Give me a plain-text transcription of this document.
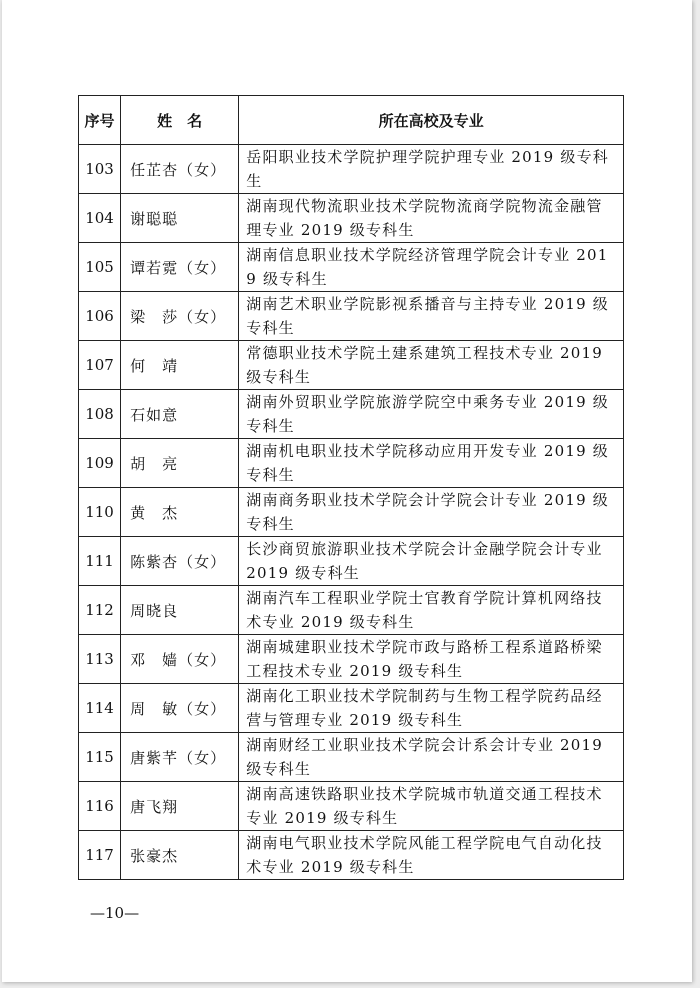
序号	姓　名	所在高校及专业
103	任芷杏（女）	岳阳职业技术学院护理学院护理专业 2019 级专科生
104	谢聪聪	湖南现代物流职业技术学院物流商学院物流金融管理专业 2019 级专科生
105	谭若霓（女）	湖南信息职业技术学院经济管理学院会计专业 2019 级专科生
106	梁　莎（女）	湖南艺术职业学院影视系播音与主持专业 2019 级专科生
107	何　靖	常德职业技术学院土建系建筑工程技术专业 2019 级专科生
108	石如意	湖南外贸职业学院旅游学院空中乘务专业 2019 级专科生
109	胡　亮	湖南机电职业技术学院移动应用开发专业 2019 级专科生
110	黄　杰	湖南商务职业技术学院会计学院会计专业 2019 级专科生
111	陈紫杏（女）	长沙商贸旅游职业技术学院会计金融学院会计专业 2019 级专科生
112	周晓良	湖南汽车工程职业学院士官教育学院计算机网络技术专业 2019 级专科生
113	邓　嫱（女）	湖南城建职业技术学院市政与路桥工程系道路桥梁工程技术专业 2019 级专科生
114	周　敏（女）	湖南化工职业技术学院制药与生物工程学院药品经营与管理专业 2019 级专科生
115	唐紫芊（女）	湖南财经工业职业技术学院会计系会计专业 2019 级专科生
116	唐飞翔	湖南高速铁路职业技术学院城市轨道交通工程技术专业 2019 级专科生
117	张豪杰	湖南电气职业技术学院风能工程学院电气自动化技术专业 2019 级专科生
—10—
